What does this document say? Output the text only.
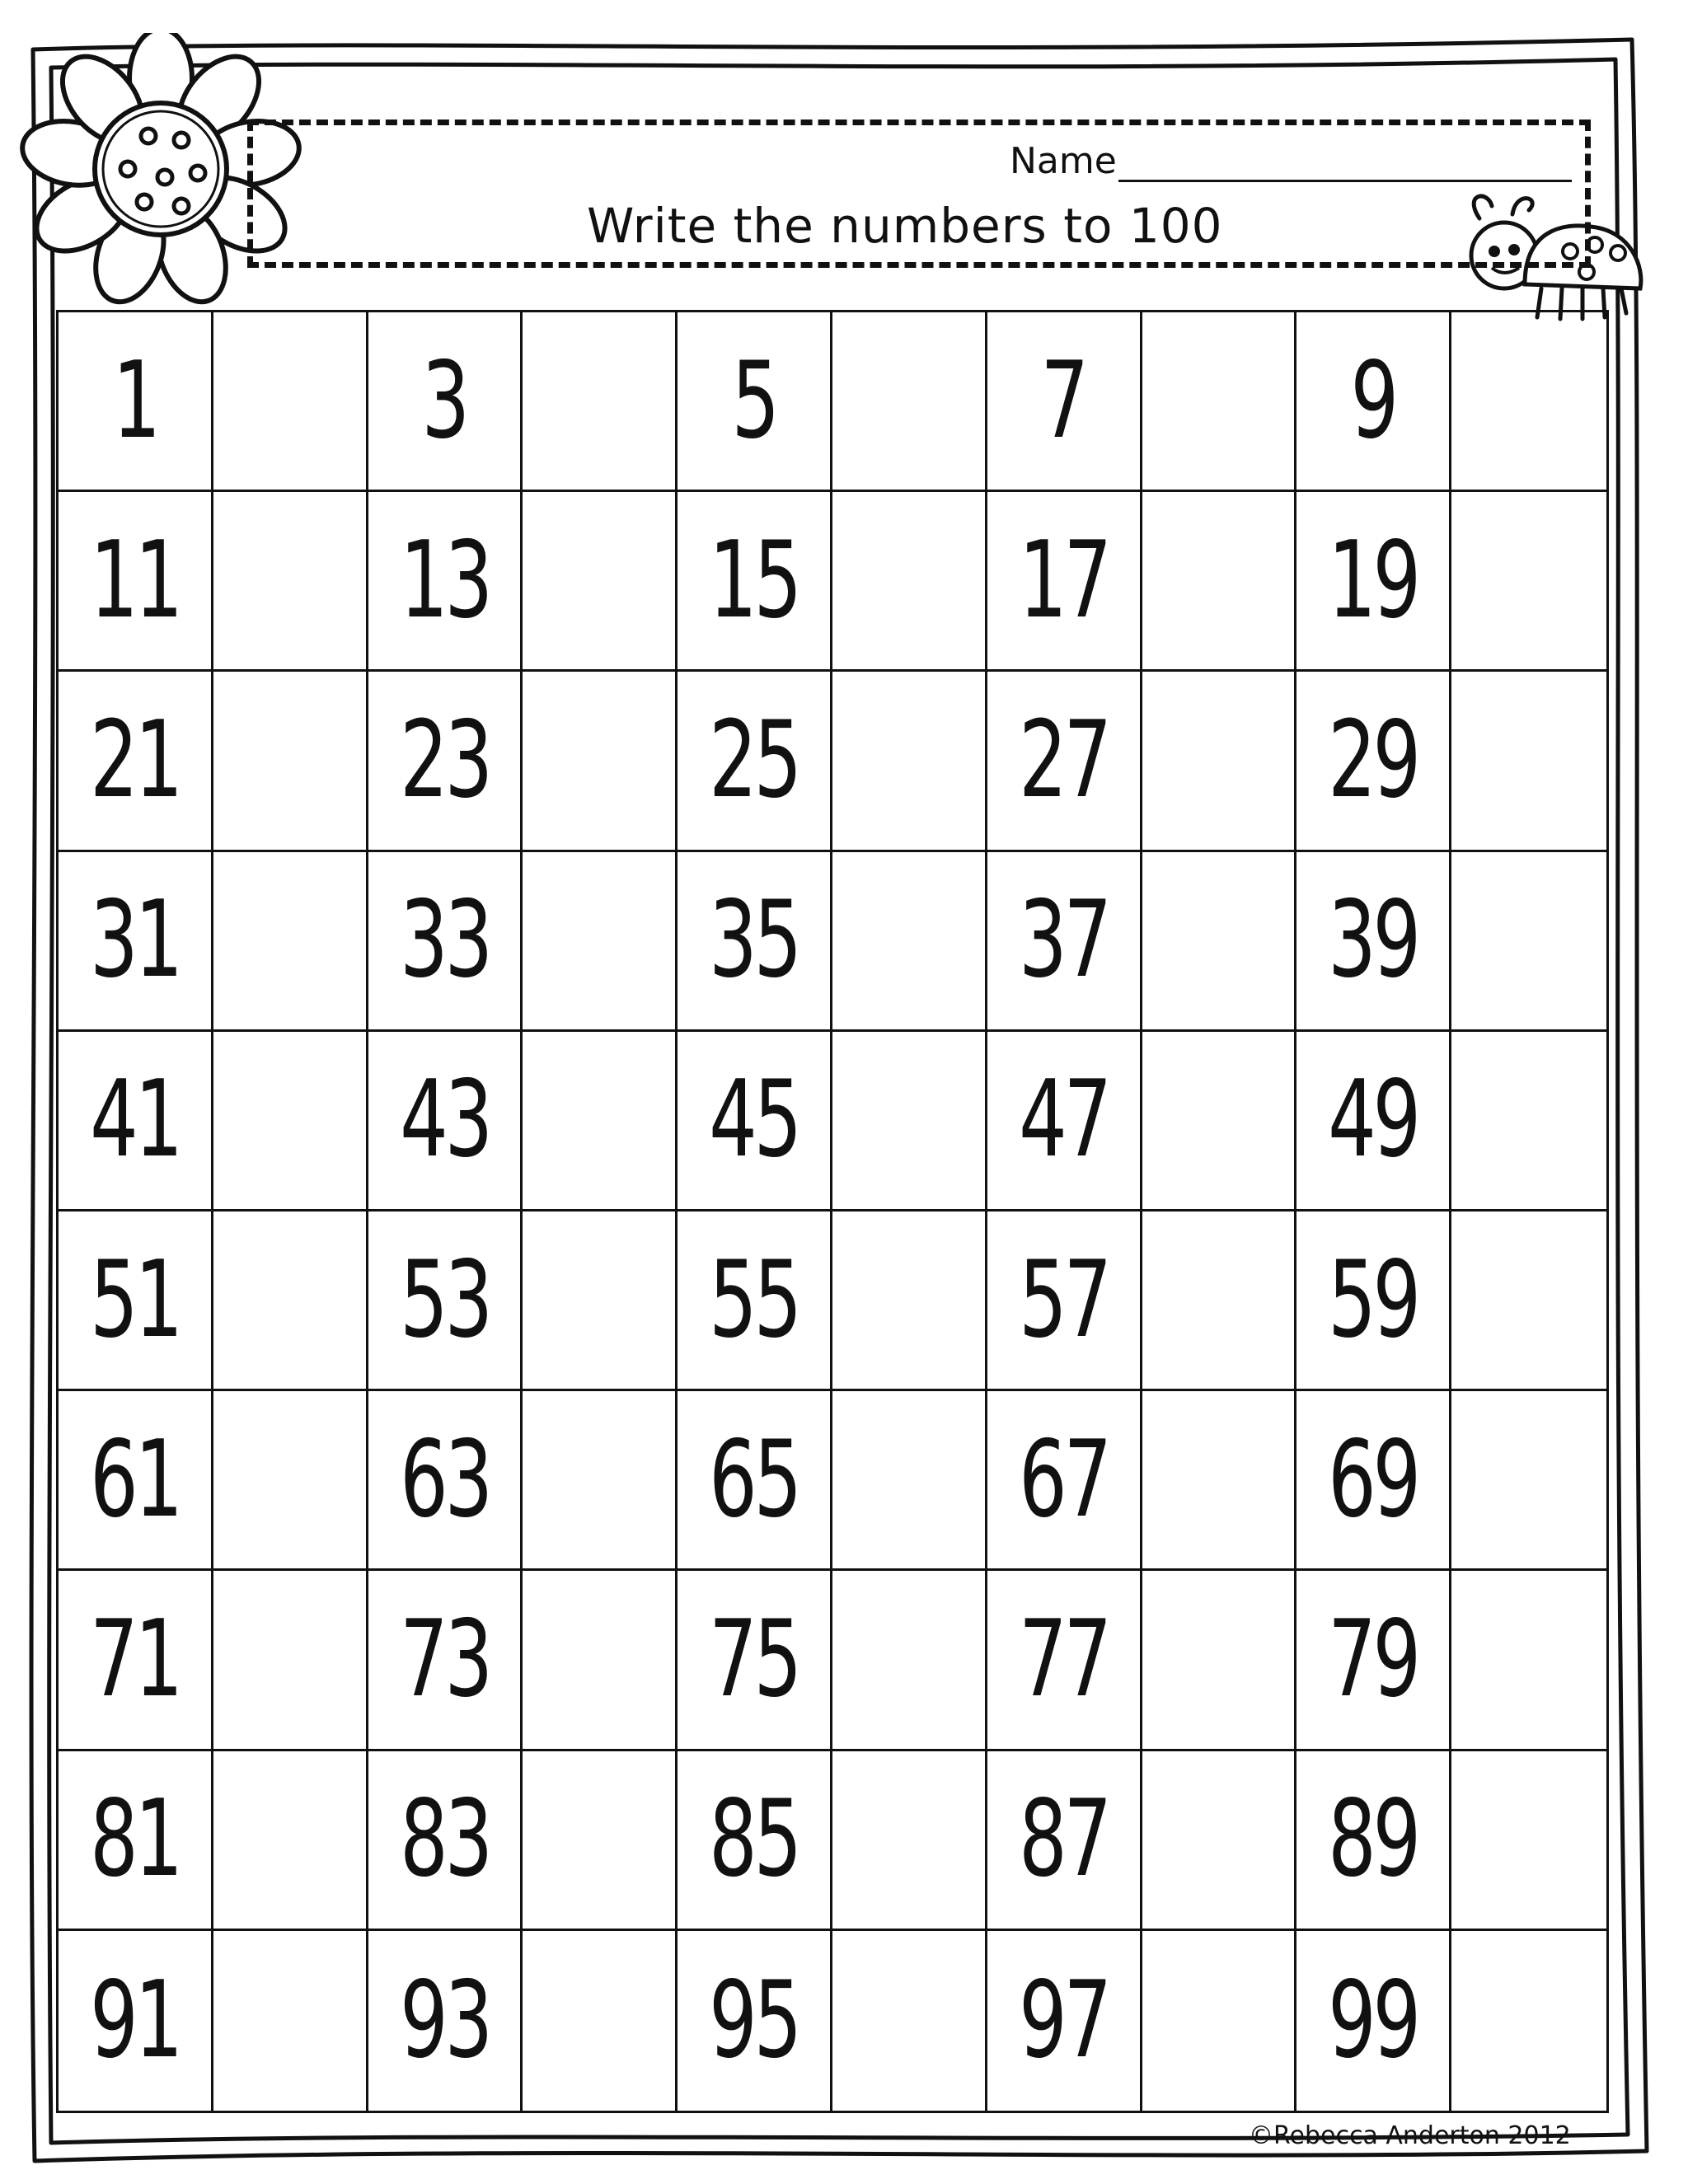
Name
Write the numbers to 100
1	3	5	7	9
11 13 15 17 19
21 23 25 27 29
31 33 35 37 39
41 43 45 47 49
51 53 55 57 59
61 63 65 67 69
71 73 75 77 79
81 83 85 87 89
91 93 95 97 99
©Rebecca Anderton 2012
